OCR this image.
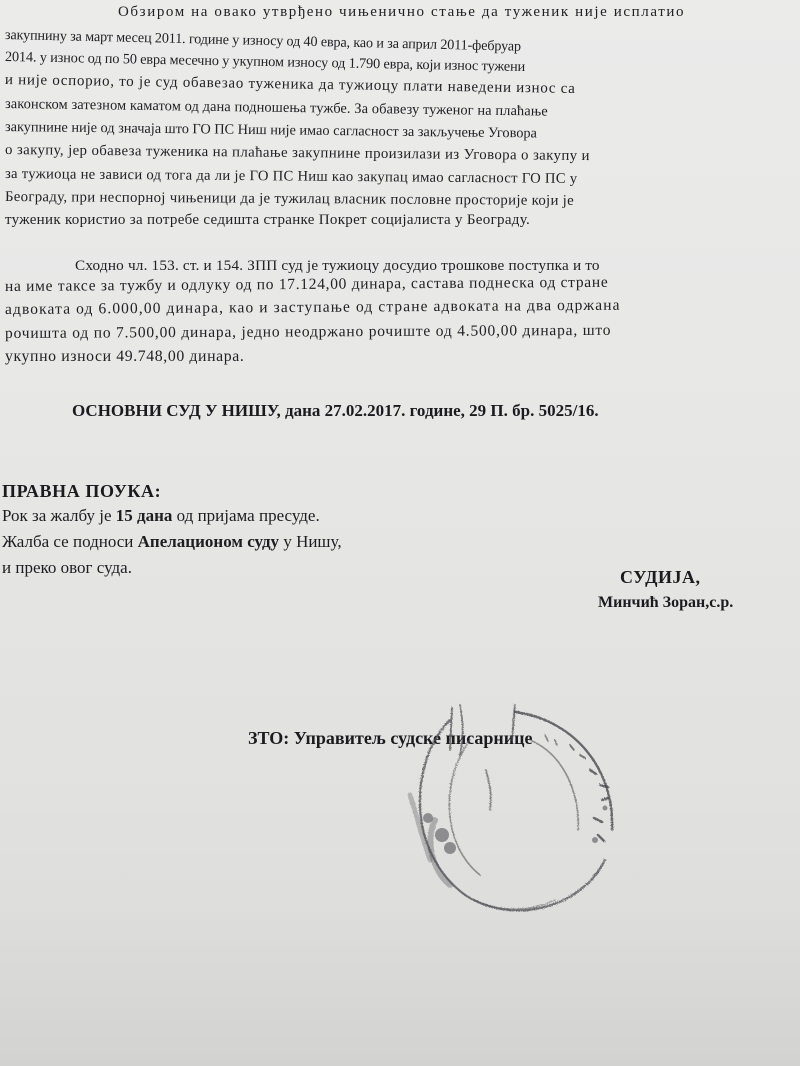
Обзиром на овако утврђено чињенично стање да туженик није исплатио
закупнину за март месец 2011. године у износу од 40 евра, као и за април 2011-фебруар
2014. у износ од по 50 евра месечно у укупном износу од 1.790 евра, који износ тужени
и није оспорио, то је суд обавезао туженика да тужиоцу плати наведени износ са
законском затезном каматом од дана подношења тужбе. За обавезу туженог на плаћање
закупнине није од значаја што ГО ПС Ниш није имао сагласност за закључење Уговора
о закупу, јер обавеза туженика на плаћање закупнине произилази из Уговора о закупу и
за тужиоца не зависи од тога да ли је ГО ПС Ниш као закупац имао сагласност ГО ПС у
Београду, при неспорној чињеници да је тужилац власник пословне просторије који је
туженик користио за потребе седишта странке Покрет социјалиста у Београду.
Сходно чл. 153. ст. и 154. ЗПП суд је тужиоцу досудио трошкове поступка и то
на име таксе за тужбу и одлуку од по 17.124,00 динара, састава поднеска од стране
адвоката од 6.000,00 динара, као и заступање од стране адвоката на два одржана
рочишта од по 7.500,00 динара, једно неодржано рочиште од 4.500,00 динара, што
укупно износи 49.748,00 динара.
ОСНОВНИ СУД У НИШУ, дана 27.02.2017. године, 29 П. бр. 5025/16.
ПРАВНА ПОУКА:
Рок за жалбу је 15 дана од пријама пресуде.
Жалба се подноси Апелационом суду у Нишу,
и преко овог суда.	СУДИЈА,
Минчић Зоран,с.р.
ЗТО: Управитељ судске писарнице
